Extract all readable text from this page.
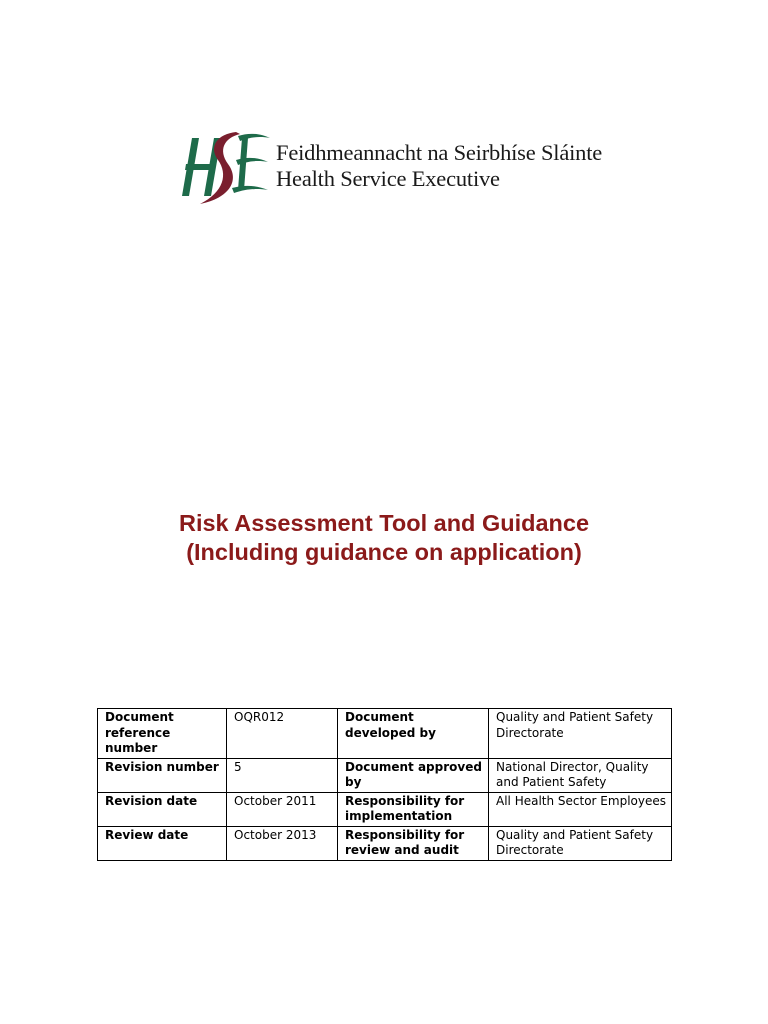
Feidhmeannacht na Seirbhíse Sláinte
Health Service Executive
Risk Assessment Tool and Guidance
(Including guidance on application)
Document reference number	OQR012	Document developed by	Quality and Patient Safety Directorate
Revision number	5	Document approved by	National Director, Quality and Patient Safety
Revision date	October 2011	Responsibility for implementation	All Health Sector Employees
Review date	October 2013	Responsibility for review and audit	Quality and Patient Safety Directorate
